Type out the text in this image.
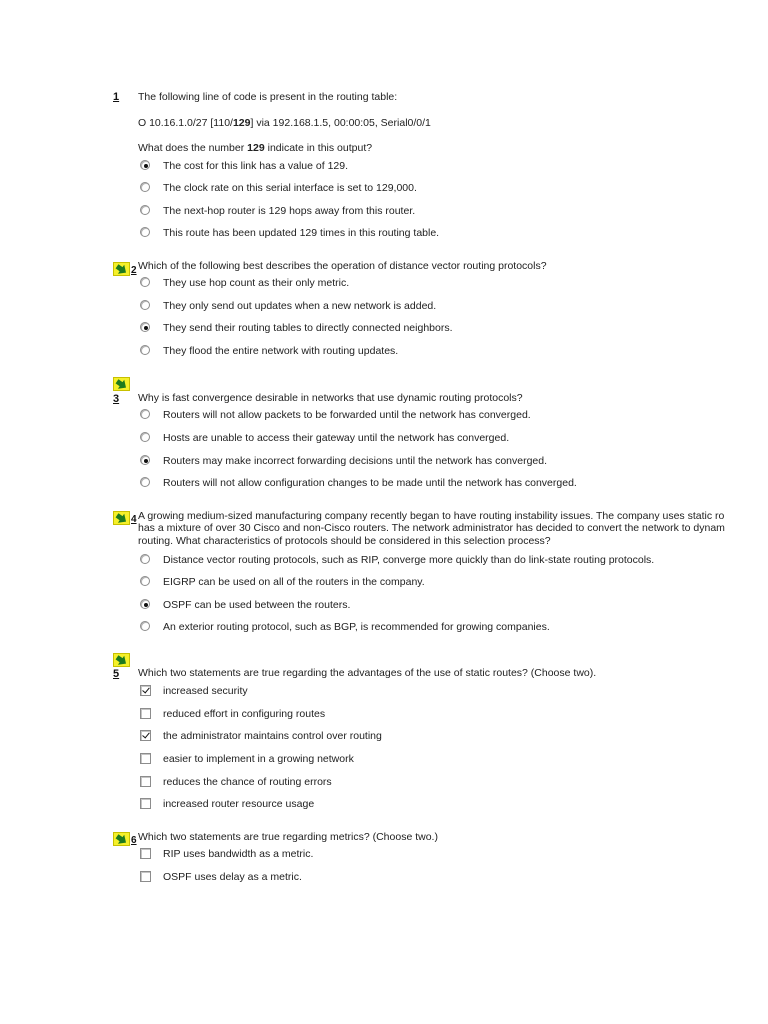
1 The following line of code is present in the routing table:
O 10.16.1.0/27 [110/129] via 192.168.1.5, 00:00:05, Serial0/0/1
What does the number 129 indicate in this output?
The cost for this link has a value of 129.
The clock rate on this serial interface is set to 129,000.
The next-hop router is 129 hops away from this router.
This route has been updated 129 times in this routing table.
2 Which of the following best describes the operation of distance vector routing protocols?
They use hop count as their only metric.
They only send out updates when a new network is added.
They send their routing tables to directly connected neighbors.
They flood the entire network with routing updates.
3 Why is fast convergence desirable in networks that use dynamic routing protocols?
Routers will not allow packets to be forwarded until the network has converged.
Hosts are unable to access their gateway until the network has converged.
Routers may make incorrect forwarding decisions until the network has converged.
Routers will not allow configuration changes to be made until the network has converged.
4 A growing medium-sized manufacturing company recently began to have routing instability issues. The company uses static ro
has a mixture of over 30 Cisco and non-Cisco routers. The network administrator has decided to convert the network to dynam
routing. What characteristics of protocols should be considered in this selection process?
Distance vector routing protocols, such as RIP, converge more quickly than do link-state routing protocols.
EIGRP can be used on all of the routers in the company.
OSPF can be used between the routers.
An exterior routing protocol, such as BGP, is recommended for growing companies.
5 Which two statements are true regarding the advantages of the use of static routes? (Choose two).
increased security
reduced effort in configuring routes
the administrator maintains control over routing
easier to implement in a growing network
reduces the chance of routing errors
increased router resource usage
6 Which two statements are true regarding metrics? (Choose two.)
RIP uses bandwidth as a metric.
OSPF uses delay as a metric.
